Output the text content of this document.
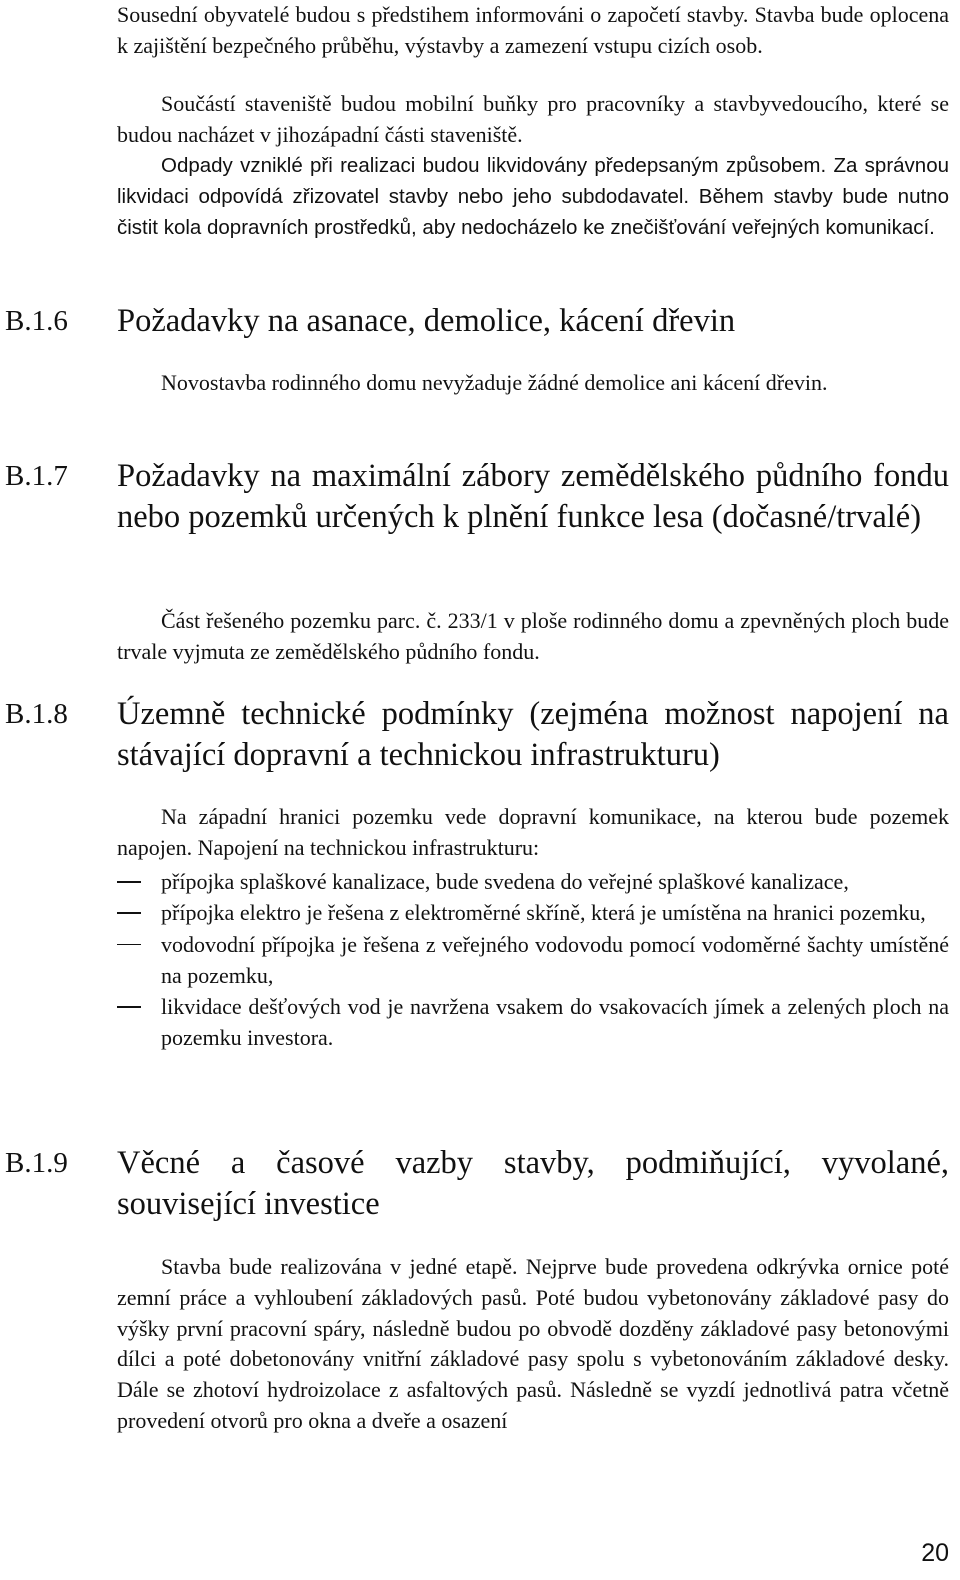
Sousední obyvatelé budou s předstihem informováni o započetí stavby. Stavba bude oplocena k zajištění bezpečného průběhu, výstavby a zamezení vstupu cizích osob.

Součástí staveniště budou mobilní buňky pro pracovníky a stavbyvedoucího, které se budou nacházet v jihozápadní části staveniště.

Odpady vzniklé při realizaci budou likvidovány předepsaným způsobem. Za správnou likvidaci odpovídá zřizovatel stavby nebo jeho subdodavatel. Během stavby bude nutno čistit kola dopravních prostředků, aby nedocházelo ke znečišťování veřejných komunikací.

B.1.6 Požadavky na asanace, demolice, kácení dřevin

Novostavba rodinného domu nevyžaduje žádné demolice ani kácení dřevin.

B.1.7 Požadavky na maximální zábory zemědělského půdního fondu nebo pozemků určených k plnění funkce lesa (dočasné/trvalé)

Část řešeného pozemku parc. č. 233/1 v ploše rodinného domu a zpevněných ploch bude trvale vyjmuta ze zemědělského půdního fondu.

B.1.8 Územně technické podmínky (zejména možnost napojení na stávající dopravní a technickou infrastrukturu)

Na západní hranici pozemku vede dopravní komunikace, na kterou bude pozemek napojen. Napojení na technickou infrastrukturu:

přípojka splaškové kanalizace, bude svedena do veřejné splaškové kanalizace,
přípojka elektro je řešena z elektroměrné skříně, která je umístěna na hranici pozemku,
vodovodní přípojka je řešena z veřejného vodovodu pomocí vodoměrné šachty umístěné na pozemku,
likvidace dešťových vod je navržena vsakem do vsakovacích jímek a zelených ploch na pozemku investora.
B.1.9 Věcné a časové vazby stavby, podmiňující, vyvolané, související investice

Stavba bude realizována v jedné etapě. Nejprve bude provedena odkrývka ornice poté zemní práce a vyhloubení základových pasů. Poté budou vybetonovány základové pasy do výšky první pracovní spáry, následně budou po obvodě dozděny základové pasy betonovými dílci a poté dobetonovány vnitřní základové pasy spolu s vybetonováním základové desky. Dále se zhotoví hydroizolace z asfaltových pasů. Následně se vyzdí jednotlivá patra včetně provedení otvorů pro okna a dveře a osazení

20
